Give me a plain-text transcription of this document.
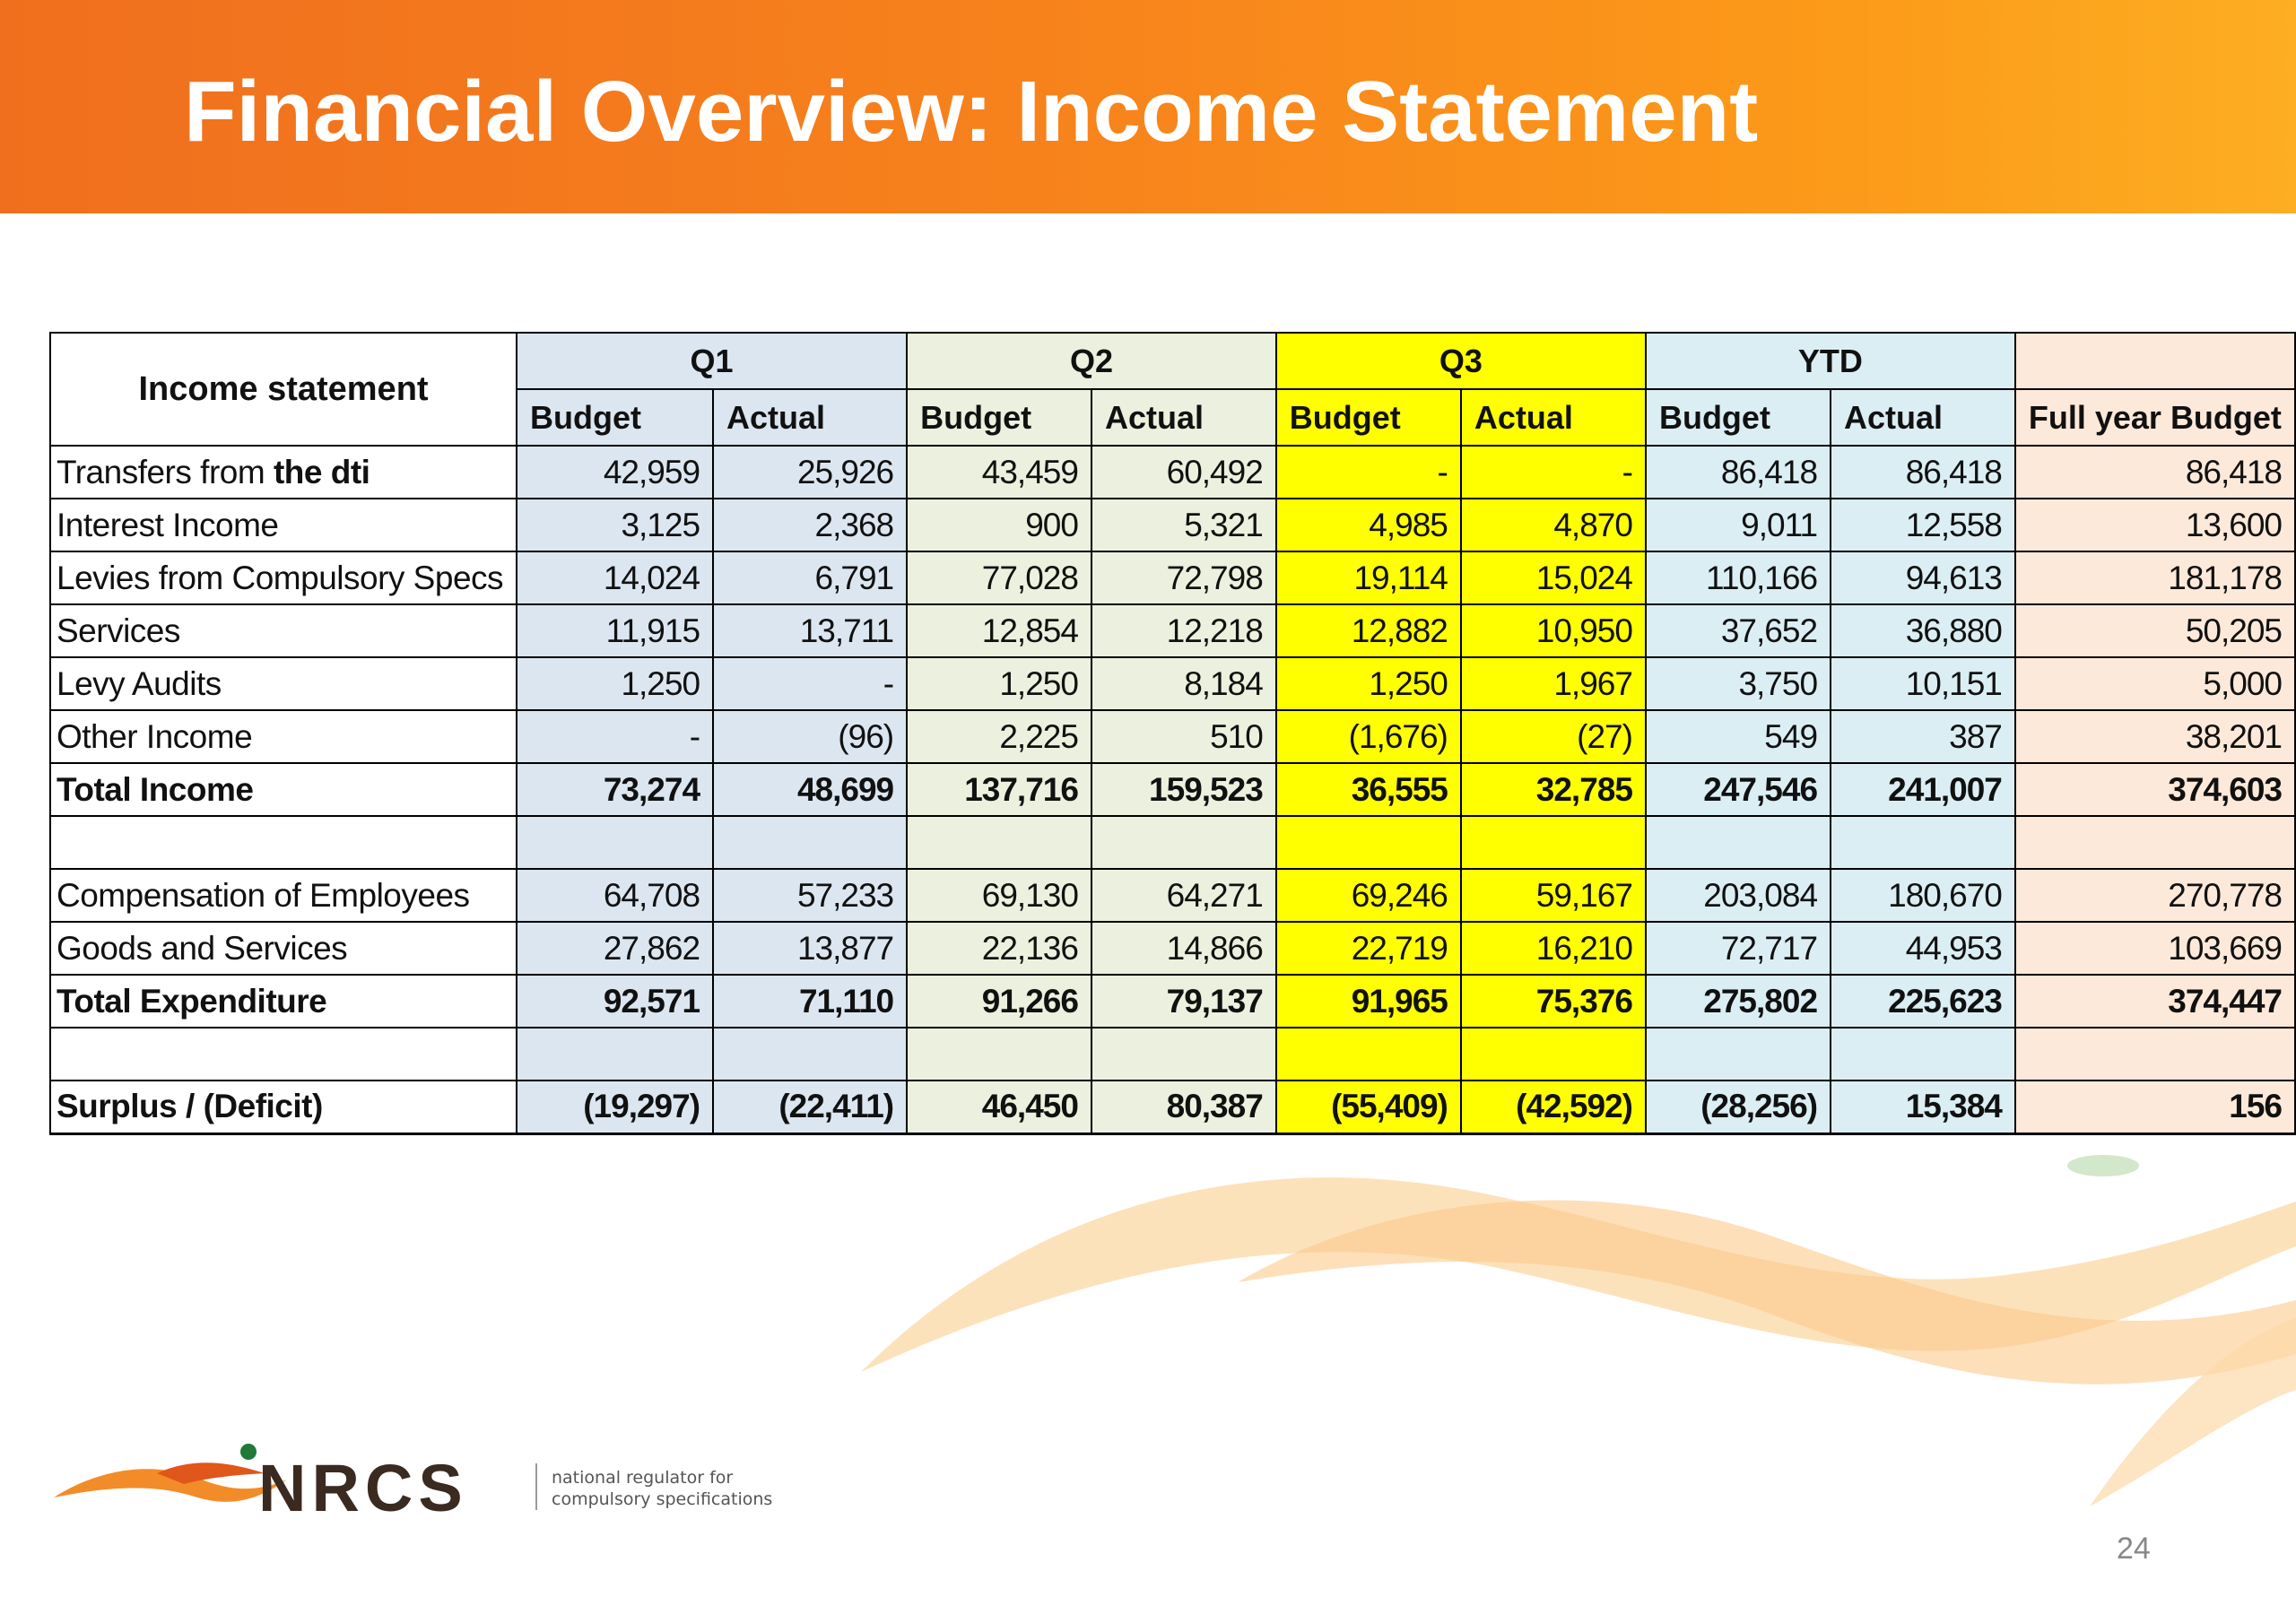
Financial Overview: Income Statement
Income statement	Q1		Q2		Q3		YTD		
	Budget	Actual	Budget	Actual	Budget	Actual	Budget	Actual	Full year Budget
Transfers from the dti	42,959	25,926	43,459	60,492	-	-	86,418	86,418	86,418
Interest Income	3,125	2,368	900	5,321	4,985	4,870	9,011	12,558	13,600
Levies from Compulsory Specs	14,024	6,791	77,028	72,798	19,114	15,024	110,166	94,613	181,178
Services	11,915	13,711	12,854	12,218	12,882	10,950	37,652	36,880	50,205
Levy Audits	1,250	-	1,250	8,184	1,250	1,967	3,750	10,151	5,000
Other Income	-	(96)	2,225	510	(1,676)	(27)	549	387	38,201
Total Income	73,274	48,699	137,716	159,523	36,555	32,785	247,546	241,007	374,603

Compensation of Employees	64,708	57,233	69,130	64,271	69,246	59,167	203,084	180,670	270,778
Goods and Services	27,862	13,877	22,136	14,866	22,719	16,210	72,717	44,953	103,669
Total Expenditure	92,571	71,110	91,266	79,137	91,965	75,376	275,802	225,623	374,447

Surplus / (Deficit)	(19,297)	(22,411)	46,450	80,387	(55,409)	(42,592)	(28,256)	15,384	156
NRCS	national regulator for
compulsory specifications
24
